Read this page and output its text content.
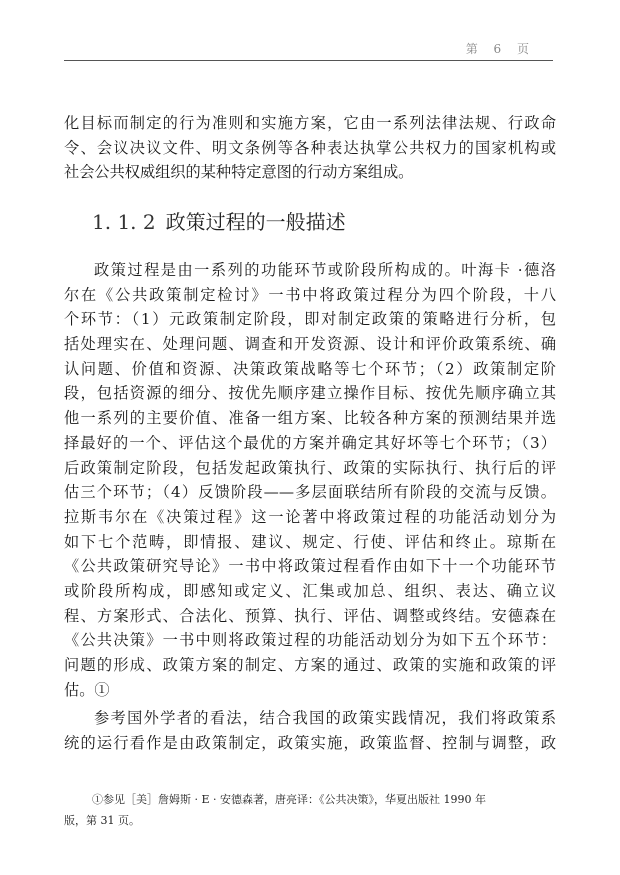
第 6 页
化目标而制定的行为准则和实施方案，它由一系列法律法规、行政命
令、会议决议文件、明文条例等各种表达执掌公共权力的国家机构或
社会公共权威组织的某种特定意图的行动方案组成。
1. 1. 2 政策过程的一般描述
政策过程是由一系列的功能环节或阶段所构成的。叶海卡 ·德洛
尔在《公共政策制定检讨》一书中将政策过程分为四个阶段，十八
个环节：（1）元政策制定阶段，即对制定政策的策略进行分析，包
括处理实在、处理问题、调查和开发资源、设计和评价政策系统、确
认问题、价值和资源、决策政策战略等七个环节；（2）政策制定阶
段，包括资源的细分、按优先顺序建立操作目标、按优先顺序确立其
他一系列的主要价值、准备一组方案、比较各种方案的预测结果并选
择最好的一个、评估这个最优的方案并确定其好坏等七个环节；（3）
后政策制定阶段，包括发起政策执行、政策的实际执行、执行后的评
估三个环节；（4）反馈阶段——多层面联结所有阶段的交流与反馈。
拉斯韦尔在《决策过程》这一论著中将政策过程的功能活动划分为
如下七个范畴，即情报、建议、规定、行使、评估和终止。琼斯在
《公共政策研究导论》一书中将政策过程看作由如下十一个功能环节
或阶段所构成，即感知或定义、汇集或加总、组织、表达、确立议
程、方案形式、合法化、预算、执行、评估、调整或终结。安德森在
《公共决策》一书中则将政策过程的功能活动划分为如下五个环节：
问题的形成、政策方案的制定、方案的通过、政策的实施和政策的评
估。①
参考国外学者的看法，结合我国的政策实践情况，我们将政策系
统的运行看作是由政策制定，政策实施，政策监督、控制与调整，政
①参见［美］詹姆斯 · E · 安德森著，唐亮译：《公共决策》，华夏出版社 1990 年
版，第 31 页。
